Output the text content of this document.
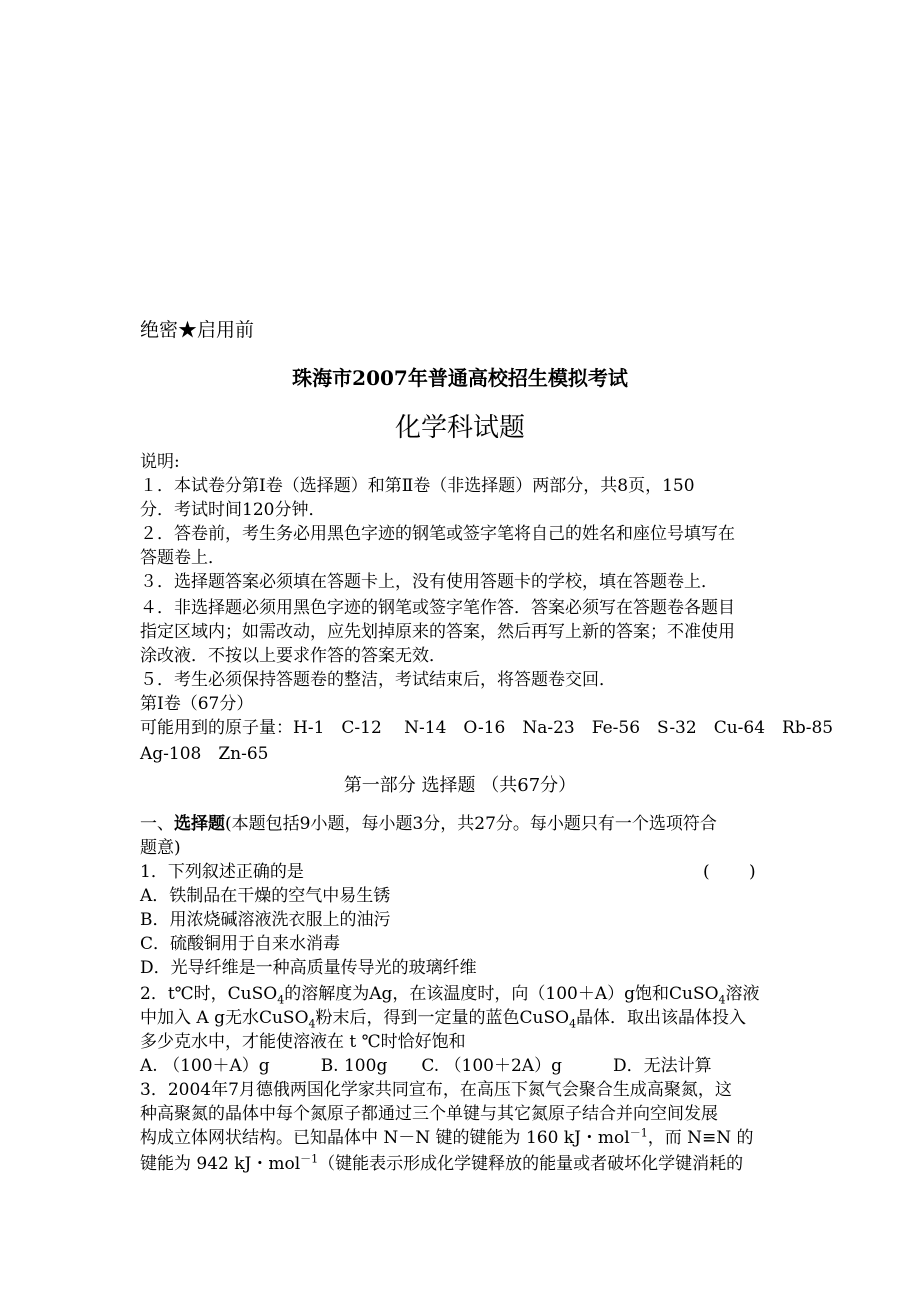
绝密★启用前
珠海市2007年普通高校招生模拟考试
化学科试题
说明:
１．本试卷分第Ⅰ卷（选择题）和第Ⅱ卷（非选择题）两部分，共8页，150
分．考试时间120分钟．
２．答卷前，考生务必用黑色字迹的钢笔或签字笔将自己的姓名和座位号填写在
答题卷上．
３．选择题答案必须填在答题卡上，没有使用答题卡的学校，填在答题卷上．
４．非选择题必须用黑色字迹的钢笔或签字笔作答．答案必须写在答题卷各题目
指定区域内；如需改动，应先划掉原来的答案，然后再写上新的答案；不准使用
涂改液．不按以上要求作答的答案无效．
５．考生必须保持答题卷的整洁，考试结束后，将答题卷交回．
第Ⅰ卷（67分）
可能用到的原子量：H-1　C-12　 N-14　O-16　Na-23　Fe-56　S-32　Cu-64　Rb-85
Ag-108　Zn-65
第一部分 选择题 （共67分）
一、选择题(本题包括9小题，每小题3分，共27分。每小题只有一个选项符合
题意)
1．下列叙述正确的是	(　　 )
A．铁制品在干燥的空气中易生锈
B．用浓烧碱溶液洗衣服上的油污
C．硫酸铜用于自来水消毒
D．光导纤维是一种高质量传导光的玻璃纤维
2．t℃时，CuSO$_4$的溶解度为Ag，在该温度时，向（100＋A）g饱和CuSO$_4$溶液
中加入 A g无水CuSO$_4$粉末后，得到一定量的蓝色CuSO$_4$晶体．取出该晶体投入
多少克水中，才能使溶液在 t ℃时恰好饱和
A. （100＋A）g　　　B. 100g　　C. （100＋2A）g　　　D．无法计算
3．2004年7月德俄两国化学家共同宣布，在高压下氮气会聚合生成高聚氮，这
种高聚氮的晶体中每个氮原子都通过三个单键与其它氮原子结合并向空间发展
构成立体网状结构。已知晶体中 N－N 键的键能为 160 kJ・mol$^{-1}$，而 N≡N 的
键能为 942 kJ・mol$^{-1}$（键能表示形成化学键释放的能量或者破坏化学键消耗的
